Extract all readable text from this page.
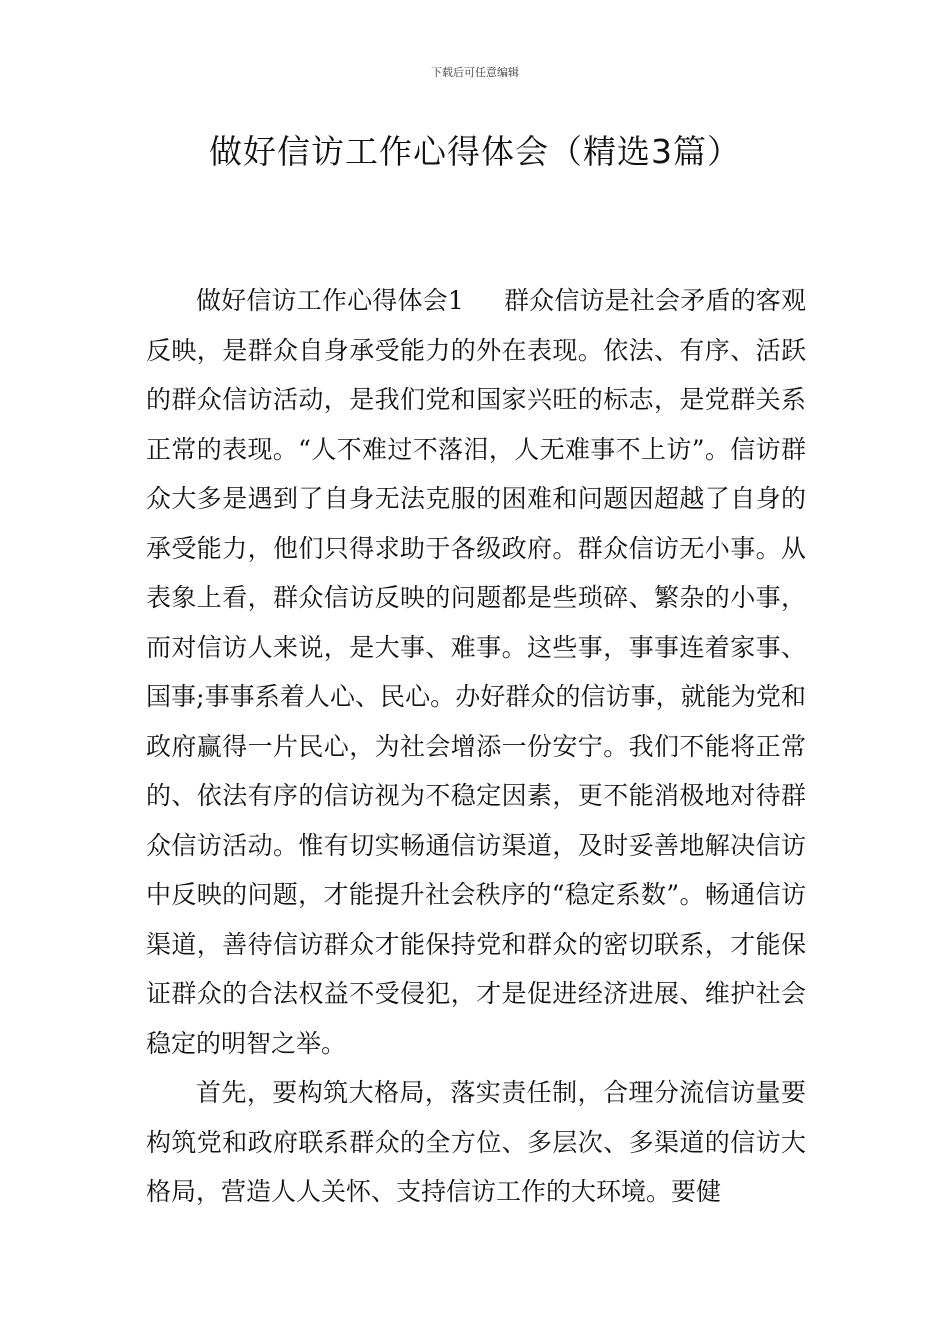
下载后可任意编辑
做好信访工作心得体会（精选3篇）

做好信访工作心得体会1 群众信访是社会矛盾的客观反映，是群众自身承受能力的外在表现。依法、有序、活跃的群众信访活动，是我们党和国家兴旺的标志，是党群关系正常的表现。“人不难过不落泪，人无难事不上访”。信访群众大多是遇到了自身无法克服的困难和问题因超越了自身的承受能力，他们只得求助于各级政府。群众信访无小事。从表象上看，群众信访反映的问题都是些琐碎、繁杂的小事，而对信访人来说，是大事、难事。这些事，事事连着家事、国事;事事系着人心、民心。办好群众的信访事，就能为党和政府赢得一片民心，为社会增添一份安宁。我们不能将正常的、依法有序的信访视为不稳定因素，更不能消极地对待群众信访活动。惟有切实畅通信访渠道，及时妥善地解决信访中反映的问题，才能提升社会秩序的“稳定系数”。畅通信访渠道，善待信访群众才能保持党和群众的密切联系，才能保证群众的合法权益不受侵犯，才是促进经济进展、维护社会稳定的明智之举。

首先，要构筑大格局，落实责任制，合理分流信访量要构筑党和政府联系群众的全方位、多层次、多渠道的信访大格局，营造人人关怀、支持信访工作的大环境。要健
